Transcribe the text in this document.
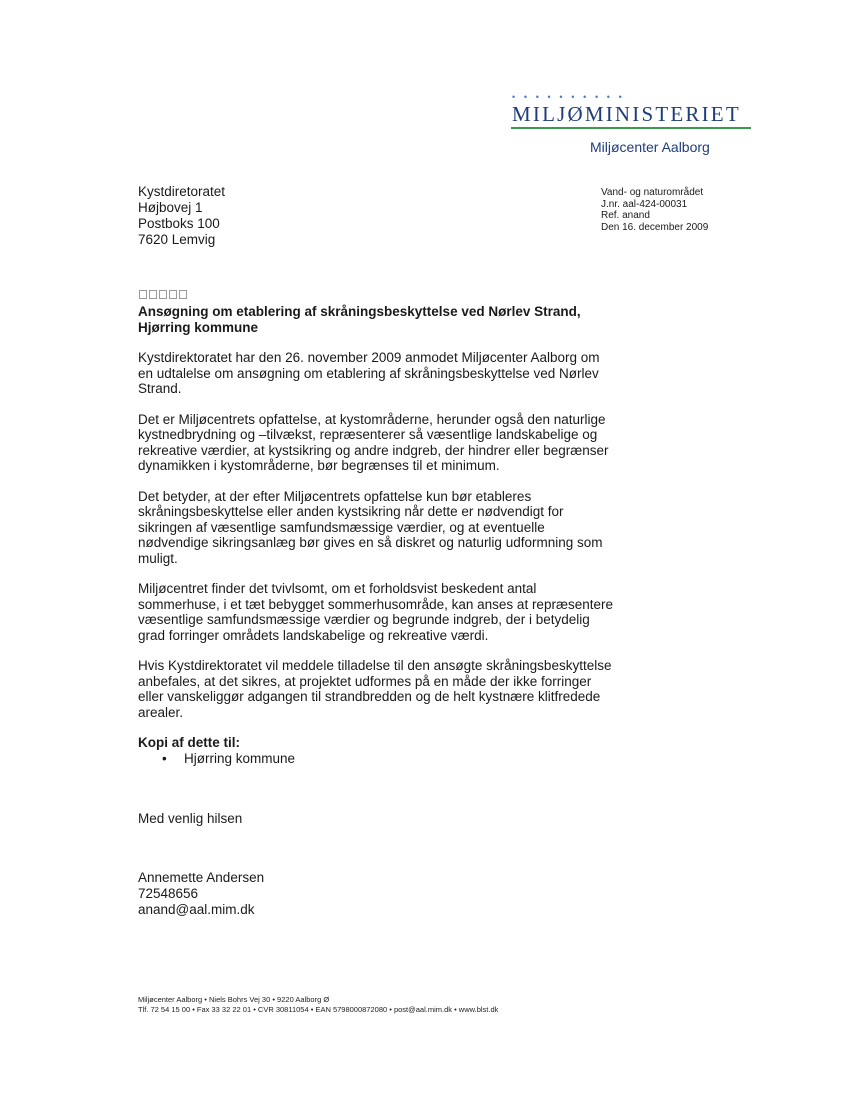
• • • • • • • • • •
MILJØMINISTERIET
Miljøcenter Aalborg
Kystdiretoratet
Højbovej 1
Postboks 100
7620 Lemvig
Vand- og naturområdet
J.nr. aal-424-00031
Ref. anand
Den 16. december 2009

Ansøgning om etablering af skråningsbeskyttelse ved Nørlev Strand, Hjørring kommune

Kystdirektoratet har den 26. november 2009 anmodet Miljøcenter Aalborg om en udtalelse om ansøgning om etablering af skråningsbeskyttelse ved Nørlev Strand.

Det er Miljøcentrets opfattelse, at kystområderne, herunder også den naturlige kystnedbrydning og –tilvækst, repræsenterer så væsentlige landskabelige og rekreative værdier, at kystsikring og andre indgreb, der hindrer eller begrænser dynamikken i kystområderne, bør begrænses til et minimum.

Det betyder, at der efter Miljøcentrets opfattelse kun bør etableres skråningsbeskyttelse eller anden kystsikring når dette er nødvendigt for sikringen af væsentlige samfundsmæssige værdier, og at eventuelle nødvendige sikringsanlæg bør gives en så diskret og naturlig udformning som muligt.

Miljøcentret finder det tvivlsomt, om et forholdsvist beskedent antal sommerhuse, i et tæt bebygget sommerhusområde, kan anses at repræsentere væsentlige samfundsmæssige værdier og begrunde indgreb, der i betydelig grad forringer områdets landskabelige og rekreative værdi.

Hvis Kystdirektoratet vil meddele tilladelse til den ansøgte skråningsbeskyttelse anbefales, at det sikres, at projektet udformes på en måde der ikke forringer eller vanskeliggør adgangen til strandbredden og de helt kystnære klitfredede arealer.

Kopi af dette til:
• Hjørring kommune
Med venlig hilsen
Annemette Andersen
72548656
anand@aal.mim.dk
Miljøcenter Aalborg • Niels Bohrs Vej 30 • 9220 Aalborg Ø
Tlf. 72 54 15 00 • Fax 33 32 22 01 • CVR 30811054 • EAN 5798000872080 • post@aal.mim.dk • www.blst.dk
